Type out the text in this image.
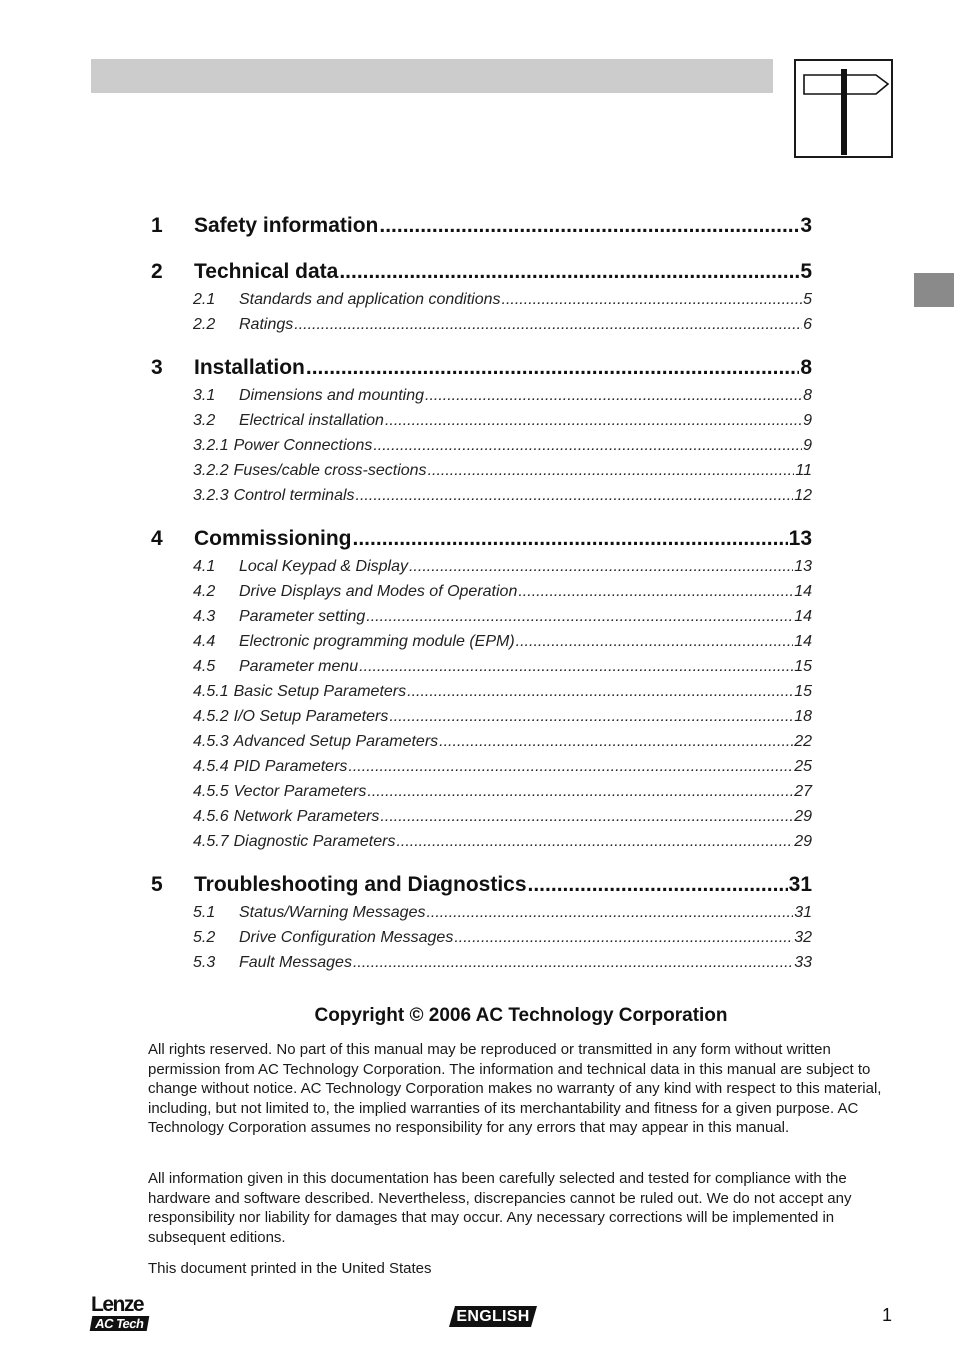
1	Safety information .....	3
2	Technical data .....	5
2.1	Standards and application conditions .....	5
2.2	Ratings .....	6
3	Installation .....	8
3.1	Dimensions and mounting .....	8
3.2	Electrical installation .....	9
3.2.1 Power Connections .....	9
3.2.2 Fuses/cable cross-sections .....	11
3.2.3 Control terminals .....	12
4	Commissioning .....	13
4.1	Local Keypad & Display .....	13
4.2	Drive Displays and Modes of Operation .....	14
4.3	Parameter setting .....	14
4.4	Electronic programming module (EPM) .....	14
4.5	Parameter menu .....	15
4.5.1 Basic Setup Parameters .....	15
4.5.2 I/O Setup Parameters .....	18
4.5.3 Advanced Setup Parameters .....	22
4.5.4 PID Parameters .....	25
4.5.5 Vector Parameters .....	27
4.5.6 Network Parameters .....	29
4.5.7 Diagnostic Parameters .....	29
5	Troubleshooting and Diagnostics .....	31
5.1	Status/Warning Messages .....	31
5.2	Drive Configuration Messages .....	32
5.3	Fault Messages .....	33
Copyright © 2006 AC Technology Corporation
All rights reserved. No part of this manual may be reproduced or transmitted in any form without written permission from AC Technology Corporation. The information and technical data in this manual are subject to change without notice. AC Technology Corporation makes no warranty of any kind with respect to this material, including, but not limited to, the implied warranties of its merchantability and fitness for a given purpose. AC Technology Corporation assumes no responsibility for any errors that may appear in this manual.
All information given in this documentation has been carefully selected and tested for compliance with the hardware and software described. Nevertheless, discrepancies cannot be ruled out. We do not accept any responsibility nor liability for damages that may occur. Any necessary corrections will be implemented in subsequent editions.
This document printed in the United States
Lenze
AC Tech	ENGLISH	1
